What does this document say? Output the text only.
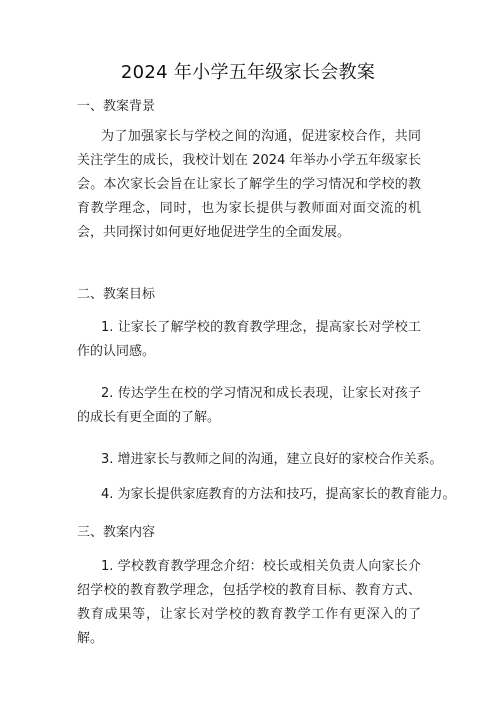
2024 年小学五年级家长会教案
一、教案背景
为了加强家长与学校之间的沟通，促进家校合作，共同关注学生的成长，我校计划在 2024 年举办小学五年级家长会。本次家长会旨在让家长了解学生的学习情况和学校的教育教学理念，同时，也为家长提供与教师面对面交流的机会，共同探讨如何更好地促进学生的全面发展。
二、教案目标
1. 让家长了解学校的教育教学理念，提高家长对学校工作的认同感。
2. 传达学生在校的学习情况和成长表现，让家长对孩子的成长有更全面的了解。
3. 增进家长与教师之间的沟通，建立良好的家校合作关系。
4. 为家长提供家庭教育的方法和技巧，提高家长的教育能力。
三、教案内容
1. 学校教育教学理念介绍：校长或相关负责人向家长介绍学校的教育教学理念，包括学校的教育目标、教育方式、教育成果等，让家长对学校的教育教学工作有更深入的了解。
